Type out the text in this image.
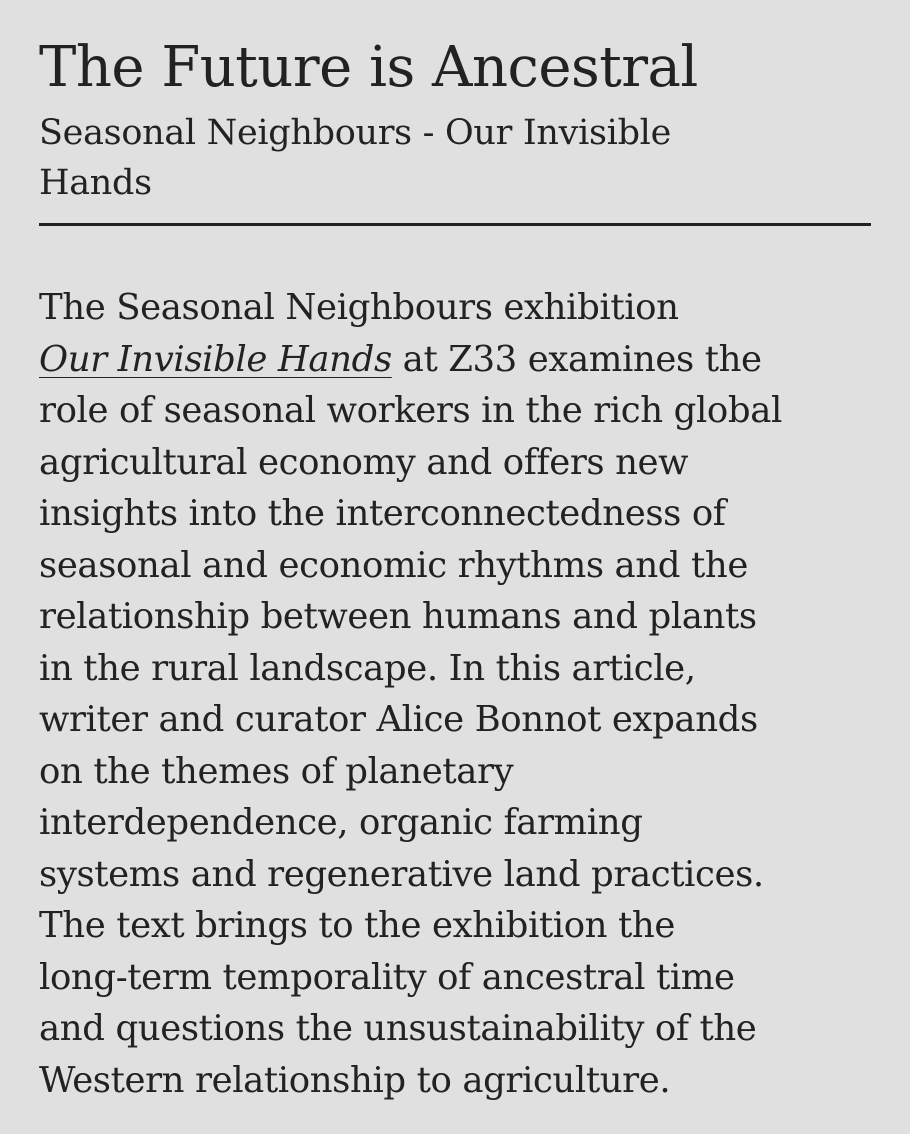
The Future is Ancestral
Seasonal Neighbours - Our Invisible Hands

The Seasonal Neighbours exhibition
Our Invisible Hands at Z33 examines the
role of seasonal workers in the rich global
agricultural economy and offers new
insights into the interconnectedness of
seasonal and economic rhythms and the
relationship between humans and plants
in the rural landscape. In this article,
writer and curator Alice Bonnot expands
on the themes of planetary
interdependence, organic farming
systems and regenerative land practices.
The text brings to the exhibition the
long-term temporality of ancestral time
and questions the unsustainability of the
Western relationship to agriculture.
